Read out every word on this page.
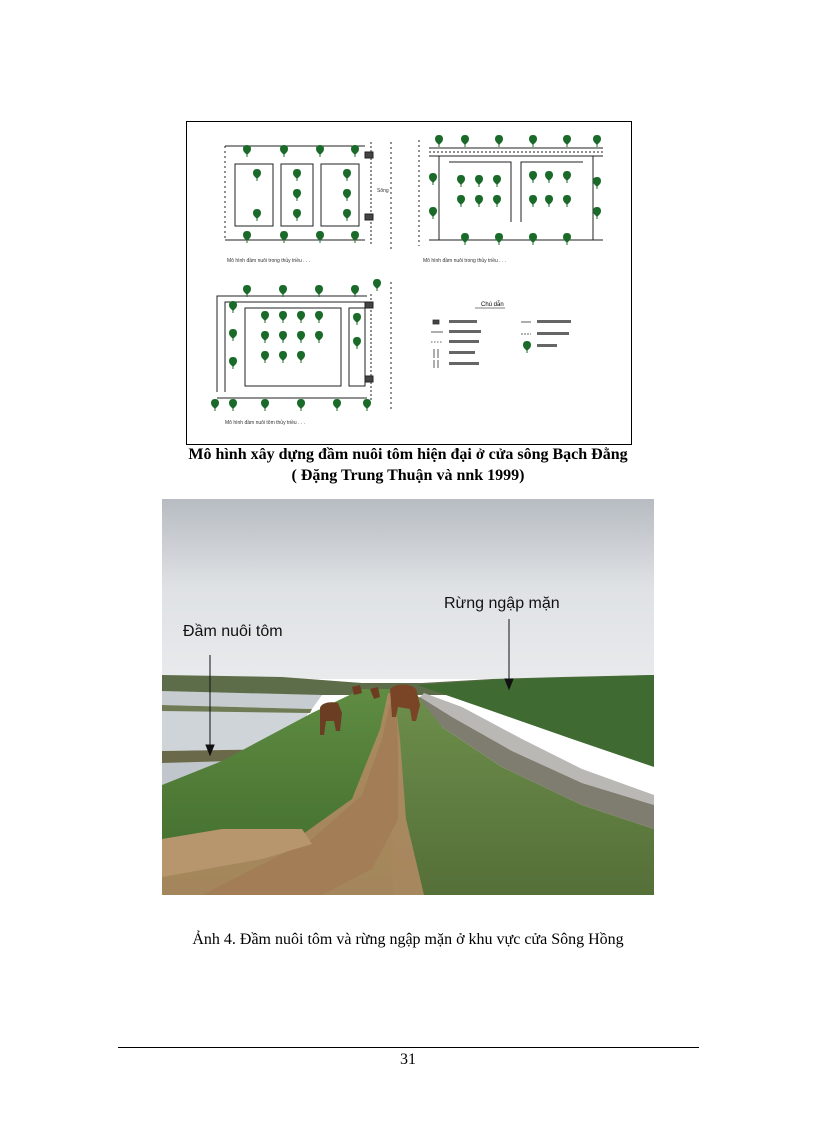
Mô hình đầm nuôi trong thủy triều . . .
Sông
Mô hình đầm nuôi trong thủy triều . . .
Mô hình đầm nuôi tôm thủy triều . . .
Chú dẫn
Mô hình xây dựng đầm nuôi tôm hiện đại ở cửa sông Bạch Đằng
( Đặng Trung Thuận và nnk 1999)
Đầm nuôi tôm
Rừng ngập mặn
Ảnh 4. Đầm nuôi tôm và rừng ngập mặn ở khu vực cửa Sông Hồng
31
